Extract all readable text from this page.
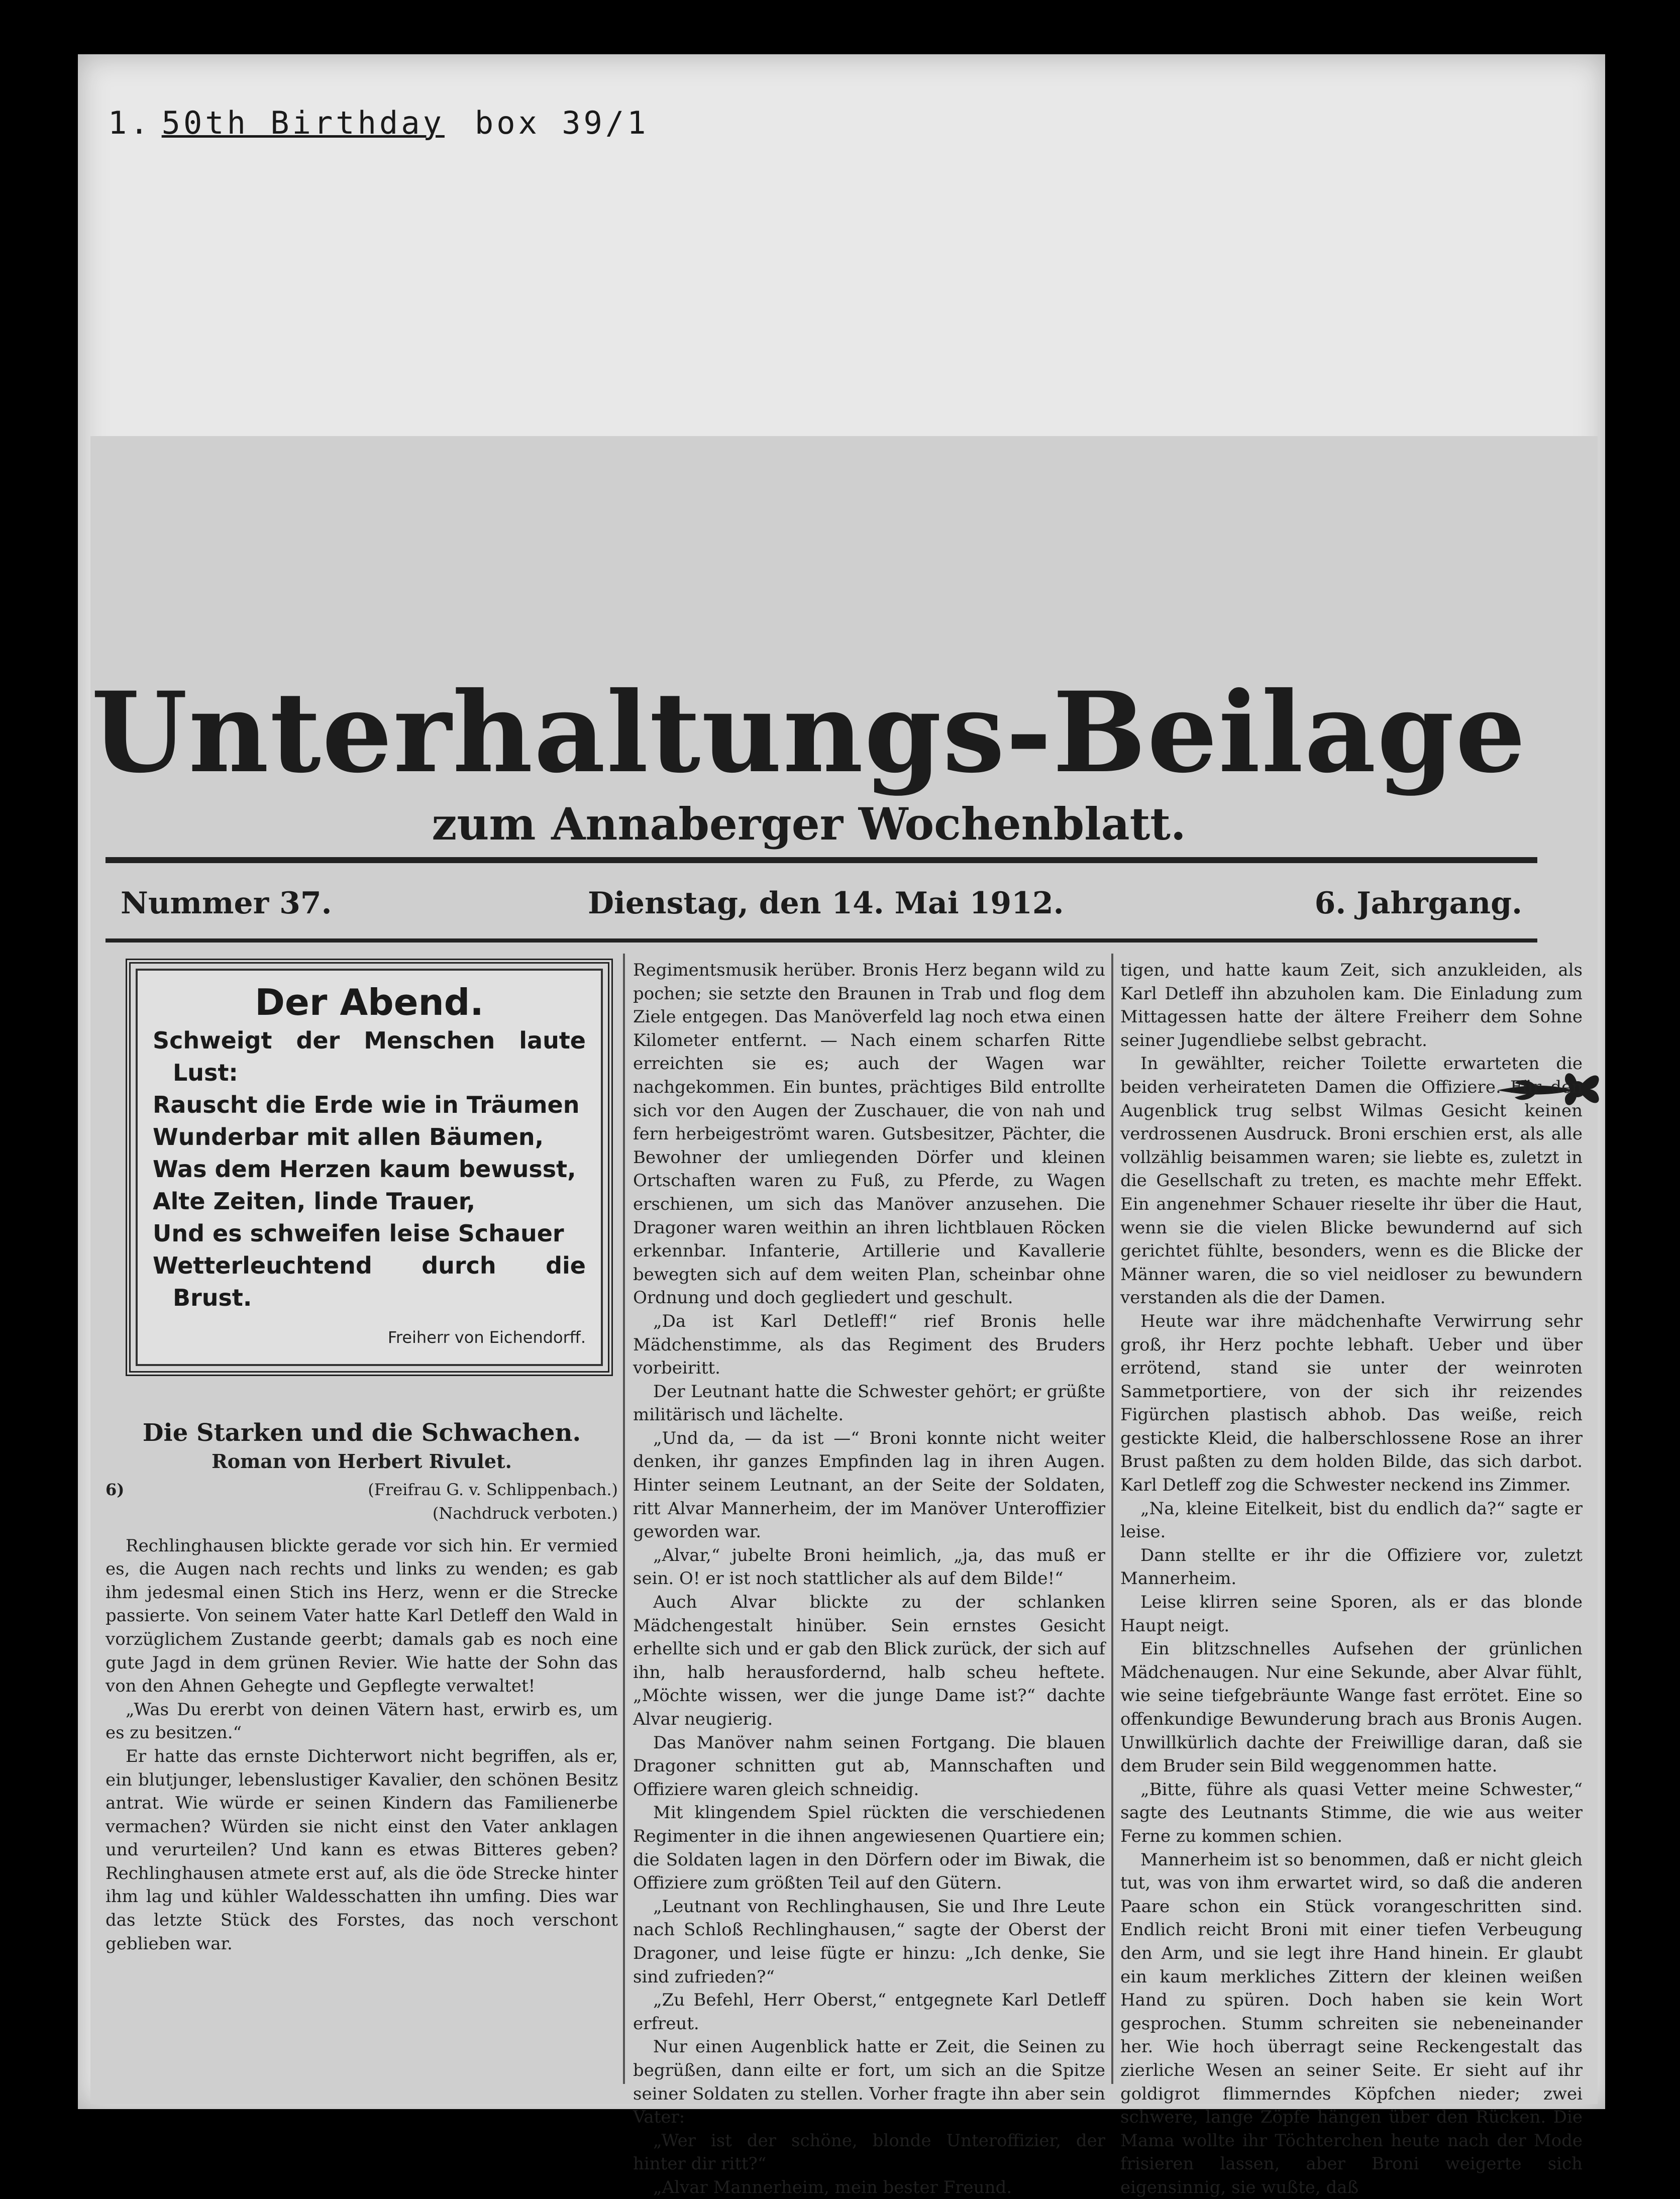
1. 50th Birthday box 39/1
Unterhaltungs-Beilage
zum Annaberger Wochenblatt.
Nummer 37.	Dienstag, den 14. Mai 1912.	6. Jahrgang.
Der Abend.
Schweigt der Menschen laute Lust:
Rauscht die Erde wie in Träumen
Wunderbar mit allen Bäumen,
Was dem Herzen kaum bewusst,
Alte Zeiten, linde Trauer,
Und es schweifen leise Schauer
Wetterleuchtend durch die Brust.
Freiherr von Eichendorff.
Die Starken und die Schwachen.
Roman von Herbert Rivulet.
6)	(Freifrau G. v. Schlippenbach.)
(Nachdruck verboten.)

Rechlinghausen blickte gerade vor sich hin. Er vermied es, die Augen nach rechts und links zu wenden; es gab ihm jedesmal einen Stich ins Herz, wenn er die Strecke passierte. Von seinem Vater hatte Karl Detleff den Wald in vorzüglichem Zustande geerbt; damals gab es noch eine gute Jagd in dem grünen Revier. Wie hatte der Sohn das von den Ahnen Gehegte und Gepflegte verwaltet!

„Was Du ererbt von deinen Vätern hast, erwirb es, um es zu besitzen.“

Er hatte das ernste Dichterwort nicht begriffen, als er, ein blutjunger, lebenslustiger Kavalier, den schönen Besitz antrat. Wie würde er seinen Kindern das Familienerbe vermachen? Würden sie nicht einst den Vater anklagen und verurteilen? Und kann es etwas Bitteres geben? Rechlinghausen atmete erst auf, als die öde Strecke hinter ihm lag und kühler Waldesschatten ihn umfing. Dies war das letzte Stück des Forstes, das noch verschont geblieben war.

Regimentsmusik herüber. Bronis Herz begann wild zu pochen; sie setzte den Braunen in Trab und flog dem Ziele entgegen. Das Manöverfeld lag noch etwa einen Kilometer entfernt. — Nach einem scharfen Ritte erreichten sie es; auch der Wagen war nachgekommen. Ein buntes, prächtiges Bild entrollte sich vor den Augen der Zuschauer, die von nah und fern herbeigeströmt waren. Gutsbesitzer, Pächter, die Bewohner der umliegenden Dörfer und kleinen Ortschaften waren zu Fuß, zu Pferde, zu Wagen erschienen, um sich das Manöver anzusehen. Die Dragoner waren weithin an ihren lichtblauen Röcken erkennbar. Infanterie, Artillerie und Kavallerie bewegten sich auf dem weiten Plan, scheinbar ohne Ordnung und doch gegliedert und geschult.

„Da ist Karl Detleff!“ rief Bronis helle Mädchenstimme, als das Regiment des Bruders vorbeiritt.

Der Leutnant hatte die Schwester gehört; er grüßte militärisch und lächelte.

„Und da, — da ist —“ Broni konnte nicht weiter denken, ihr ganzes Empfinden lag in ihren Augen. Hinter seinem Leutnant, an der Seite der Soldaten, ritt Alvar Mannerheim, der im Manöver Unteroffizier geworden war.

„Alvar,“ jubelte Broni heimlich, „ja, das muß er sein. O! er ist noch stattlicher als auf dem Bilde!“

Auch Alvar blickte zu der schlanken Mädchengestalt hinüber. Sein ernstes Gesicht erhellte sich und er gab den Blick zurück, der sich auf ihn, halb herausfordernd, halb scheu heftete. „Möchte wissen, wer die junge Dame ist?“ dachte Alvar neugierig.

Das Manöver nahm seinen Fortgang. Die blauen Dragoner schnitten gut ab, Mannschaften und Offiziere waren gleich schneidig.

Mit klingendem Spiel rückten die verschiedenen Regimenter in die ihnen angewiesenen Quartiere ein; die Soldaten lagen in den Dörfern oder im Biwak, die Offiziere zum größten Teil auf den Gütern.

„Leutnant von Rechlinghausen, Sie und Ihre Leute nach Schloß Rechlinghausen,“ sagte der Oberst der Dragoner, und leise fügte er hinzu: „Ich denke, Sie sind zufrieden?“

„Zu Befehl, Herr Oberst,“ entgegnete Karl Detleff erfreut.

Nur einen Augenblick hatte er Zeit, die Seinen zu begrüßen, dann eilte er fort, um sich an die Spitze seiner Soldaten zu stellen. Vorher fragte ihn aber sein Vater:

„Wer ist der schöne, blonde Unteroffizier, der hinter dir ritt?“

„Alvar Mannerheim, mein bester Freund.

tigen, und hatte kaum Zeit, sich anzukleiden, als Karl Detleff ihn abzuholen kam. Die Einladung zum Mittagessen hatte der ältere Freiherr dem Sohne seiner Jugendliebe selbst gebracht.

In gewählter, reicher Toilette erwarteten die beiden verheirateten Damen die Offiziere. Für den Augenblick trug selbst Wilmas Gesicht keinen verdrossenen Ausdruck. Broni erschien erst, als alle vollzählig beisammen waren; sie liebte es, zuletzt in die Gesellschaft zu treten, es machte mehr Effekt. Ein angenehmer Schauer rieselte ihr über die Haut, wenn sie die vielen Blicke bewundernd auf sich gerichtet fühlte, besonders, wenn es die Blicke der Männer waren, die so viel neidloser zu bewundern verstanden als die der Damen.

Heute war ihre mädchenhafte Verwirrung sehr groß, ihr Herz pochte lebhaft. Ueber und über errötend, stand sie unter der weinroten Sammetportiere, von der sich ihr reizendes Figürchen plastisch abhob. Das weiße, reich gestickte Kleid, die halberschlossene Rose an ihrer Brust paßten zu dem holden Bilde, das sich darbot. Karl Detleff zog die Schwester neckend ins Zimmer.

„Na, kleine Eitelkeit, bist du endlich da?“ sagte er leise.

Dann stellte er ihr die Offiziere vor, zuletzt Mannerheim.

Leise klirren seine Sporen, als er das blonde Haupt neigt.

Ein blitzschnelles Aufsehen der grünlichen Mädchenaugen. Nur eine Sekunde, aber Alvar fühlt, wie seine tiefgebräunte Wange fast errötet. Eine so offenkundige Bewunderung brach aus Bronis Augen. Unwillkürlich dachte der Freiwillige daran, daß sie dem Bruder sein Bild weggenommen hatte.

„Bitte, führe als quasi Vetter meine Schwester,“ sagte des Leutnants Stimme, die wie aus weiter Ferne zu kommen schien.

Mannerheim ist so benommen, daß er nicht gleich tut, was von ihm erwartet wird, so daß die anderen Paare schon ein Stück vorangeschritten sind. Endlich reicht Broni mit einer tiefen Verbeugung den Arm, und sie legt ihre Hand hinein. Er glaubt ein kaum merkliches Zittern der kleinen weißen Hand zu spüren. Doch haben sie kein Wort gesprochen. Stumm schreiten sie nebeneinander her. Wie hoch überragt seine Reckengestalt das zierliche Wesen an seiner Seite. Er sieht auf ihr goldigrot flimmerndes Köpfchen nieder; zwei schwere, lange Zöpfe hängen über den Rücken. Die Mama wollte ihr Töchterchen heute nach der Mode frisieren lassen, aber Broni weigerte sich eigensinnig, sie wußte, daß
